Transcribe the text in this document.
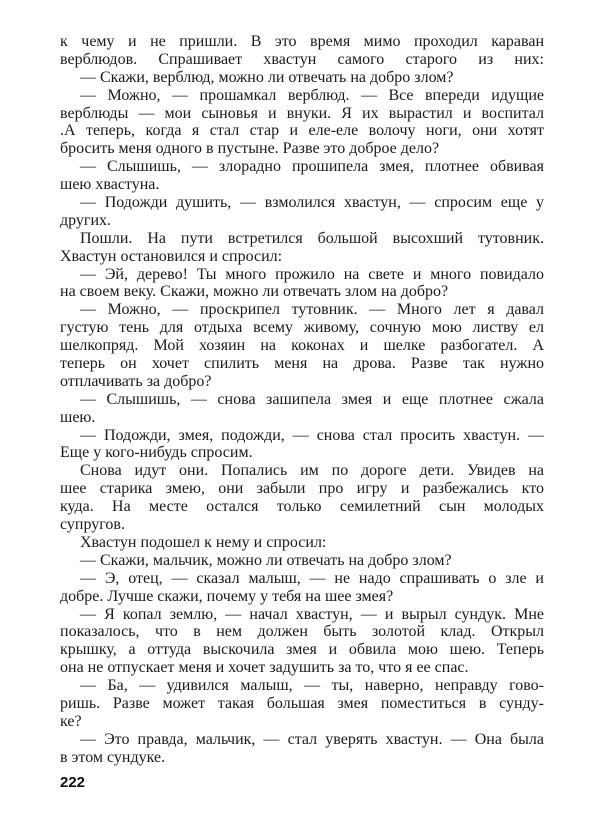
к чему и не пришли. В это время мимо проходил караван
верблюдов. Спрашивает хвастун самого старого из них:
— Скажи, верблюд, можно ли отвечать на добро злом?
— Можно, — прошамкал верблюд. — Все впереди идущие
верблюды — мои сыновья и внуки. Я их вырастил и воспитал
.А теперь, когда я стал стар и еле-еле волочу ноги, они хотят
бросить меня одного в пустыне. Разве это доброе дело?
— Слышишь, — злорадно прошипела змея, плотнее обвивая
шею хвастуна.
— Подожди душить, — взмолился хвастун, — спросим еще у
других.
Пошли. На пути встретился большой высохший тутовник.
Хвастун остановился и спросил:
— Эй, дерево! Ты много прожило на свете и много повидало
на своем веку. Скажи, можно ли отвечать злом на добро?
— Можно, — проскрипел тутовник. — Много лет я давал
густую тень для отдыха всему живому, сочную мою листву ел
шелкопряд. Мой хозяин на коконах и шелке разбогател. А
теперь он хочет спилить меня на дрова. Разве так нужно
отплачивать за добро?
— Слышишь, — снова зашипела змея и еще плотнее сжала
шею.
— Подожди, змея, подожди, — снова стал просить хвастун. —
Еще у кого-нибудь спросим.
Снова идут они. Попались им по дороге дети. Увидев на
шее старика змею, они забыли про игру и разбежались кто
куда. На месте остался только семилетний сын молодых
супругов.
Хвастун подошел к нему и спросил:
— Скажи, мальчик, можно ли отвечать на добро злом?
— Э, отец, — сказал малыш, — не надо спрашивать о зле и
добре. Лучше скажи, почему у тебя на шее змея?
— Я копал землю, — начал хвастун, — и вырыл сундук. Мне
показалось, что в нем должен быть золотой клад. Открыл
крышку, а оттуда выскочила змея и обвила мою шею. Теперь
она не отпускает меня и хочет задушить за то, что я ее спас.
— Ба, — удивился малыш, — ты, наверно, неправду гово-
ришь. Разве может такая большая змея поместиться в сунду-
ке?
— Это правда, мальчик, — стал уверять хвастун. — Она была
в этом сундуке.
222
